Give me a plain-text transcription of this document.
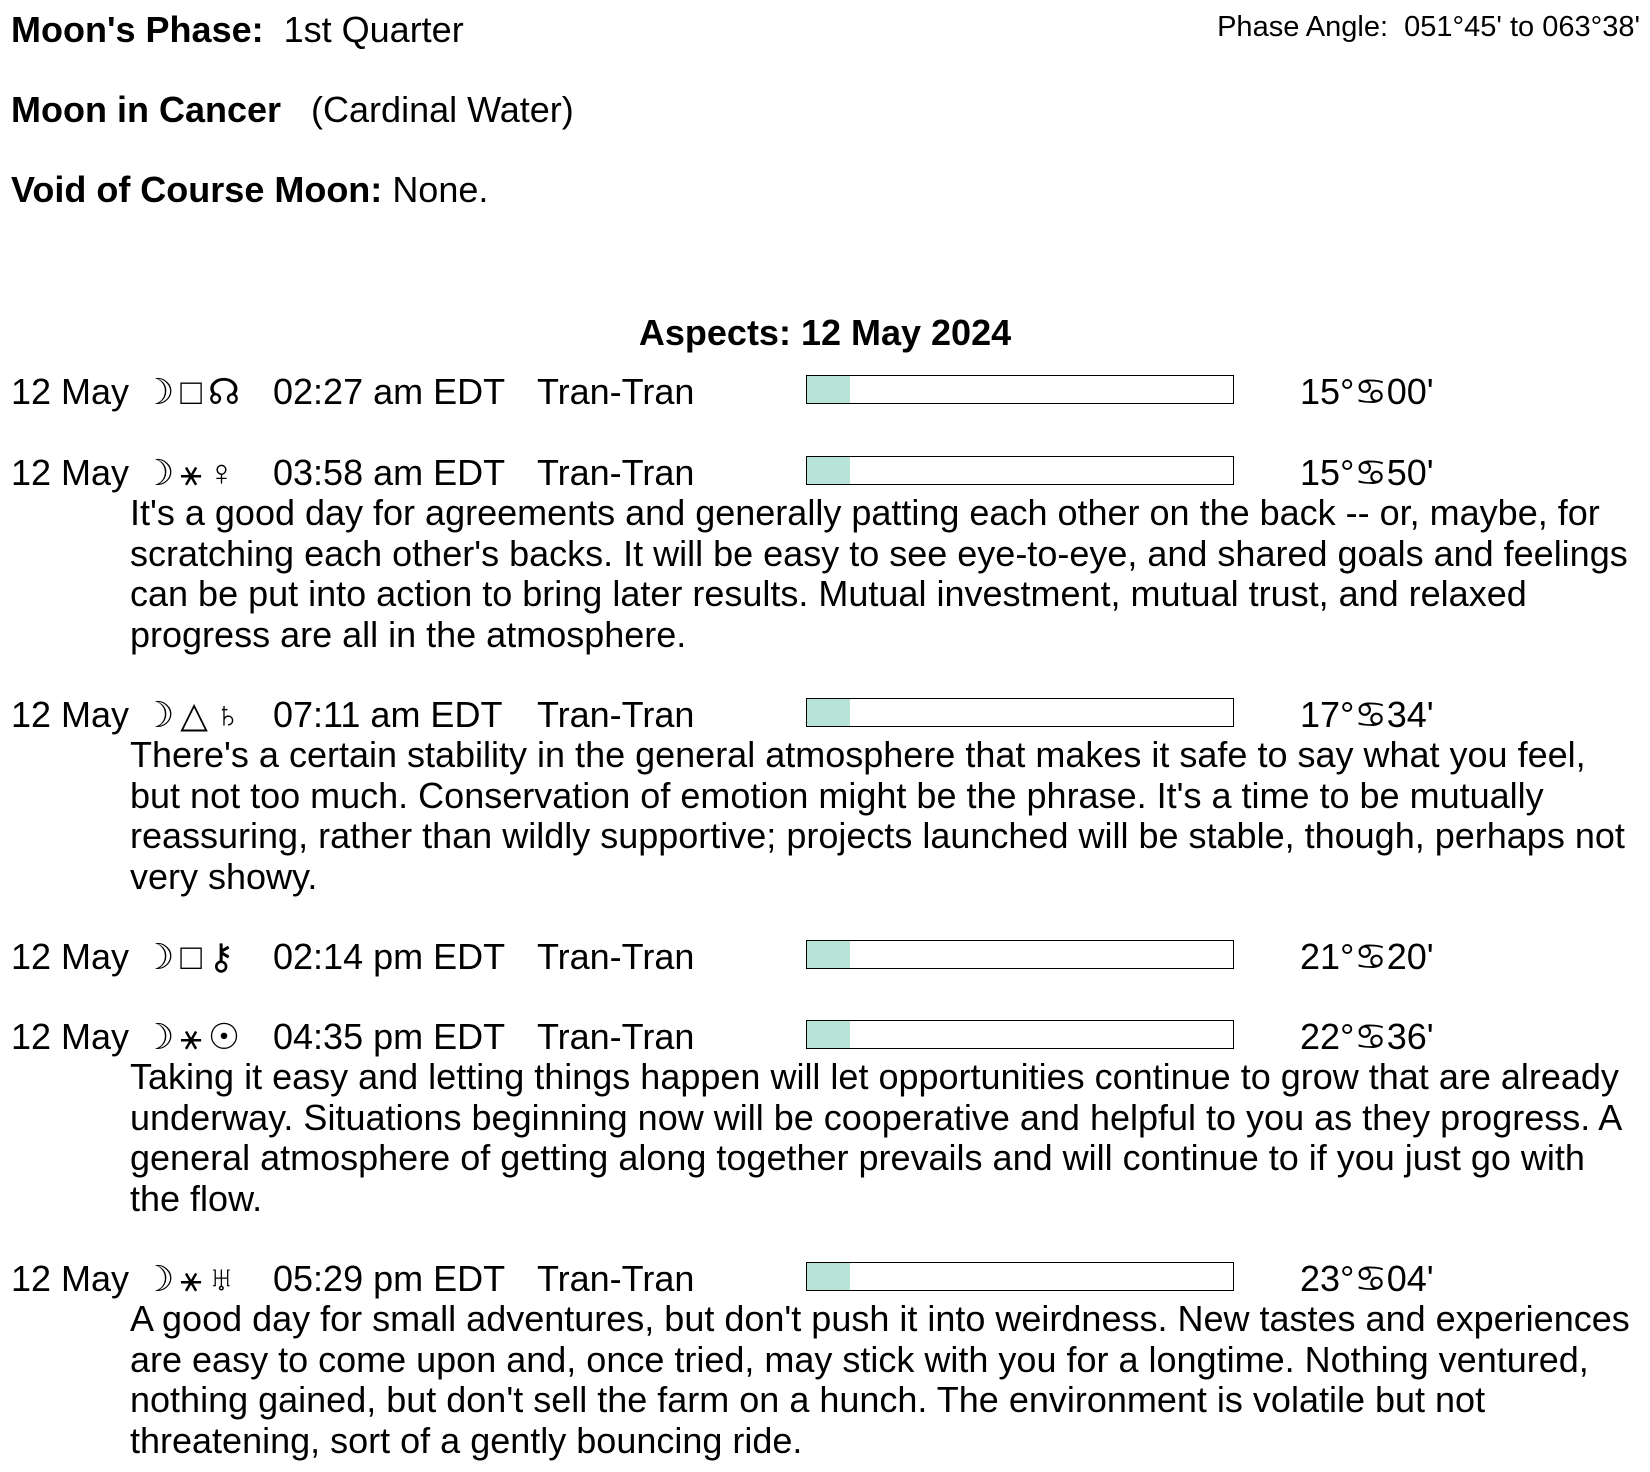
Moon's Phase: 1st Quarter	Phase Angle: 051°45' to 063°38'
Moon in Cancer (Cardinal Water)
Void of Course Moon: None.
Aspects: 12 May 2024
12 May ☽□☊ 02:27 am EDT Tran-Tran	15°♋00'
12 May ☽⚹♀ 03:58 am EDT Tran-Tran	15°♋50'

It's a good day for agreements and generally patting each other on the back -- or, maybe, for scratching each other's backs. It will be easy to see eye-to-eye, and shared goals and feelings can be put into action to bring later results. Mutual investment, mutual trust, and relaxed progress are all in the atmosphere.

12 May ☽△♄ 07:11 am EDT Tran-Tran	17°♋34'

There's a certain stability in the general atmosphere that makes it safe to say what you feel, but not too much. Conservation of emotion might be the phrase. It's a time to be mutually reassuring, rather than wildly supportive; projects launched will be stable, though, perhaps not very showy.

12 May ☽□⚷ 02:14 pm EDT Tran-Tran	21°♋20'
12 May ☽⚹☉ 04:35 pm EDT Tran-Tran	22°♋36'

Taking it easy and letting things happen will let opportunities continue to grow that are already underway. Situations beginning now will be cooperative and helpful to you as they progress. A general atmosphere of getting along together prevails and will continue to if you just go with the flow.

12 May ☽⚹♅ 05:29 pm EDT Tran-Tran	23°♋04'

A good day for small adventures, but don't push it into weirdness. New tastes and experiences are easy to come upon and, once tried, may stick with you for a longtime. Nothing ventured, nothing gained, but don't sell the farm on a hunch. The environment is volatile but not threatening, sort of a gently bouncing ride.
